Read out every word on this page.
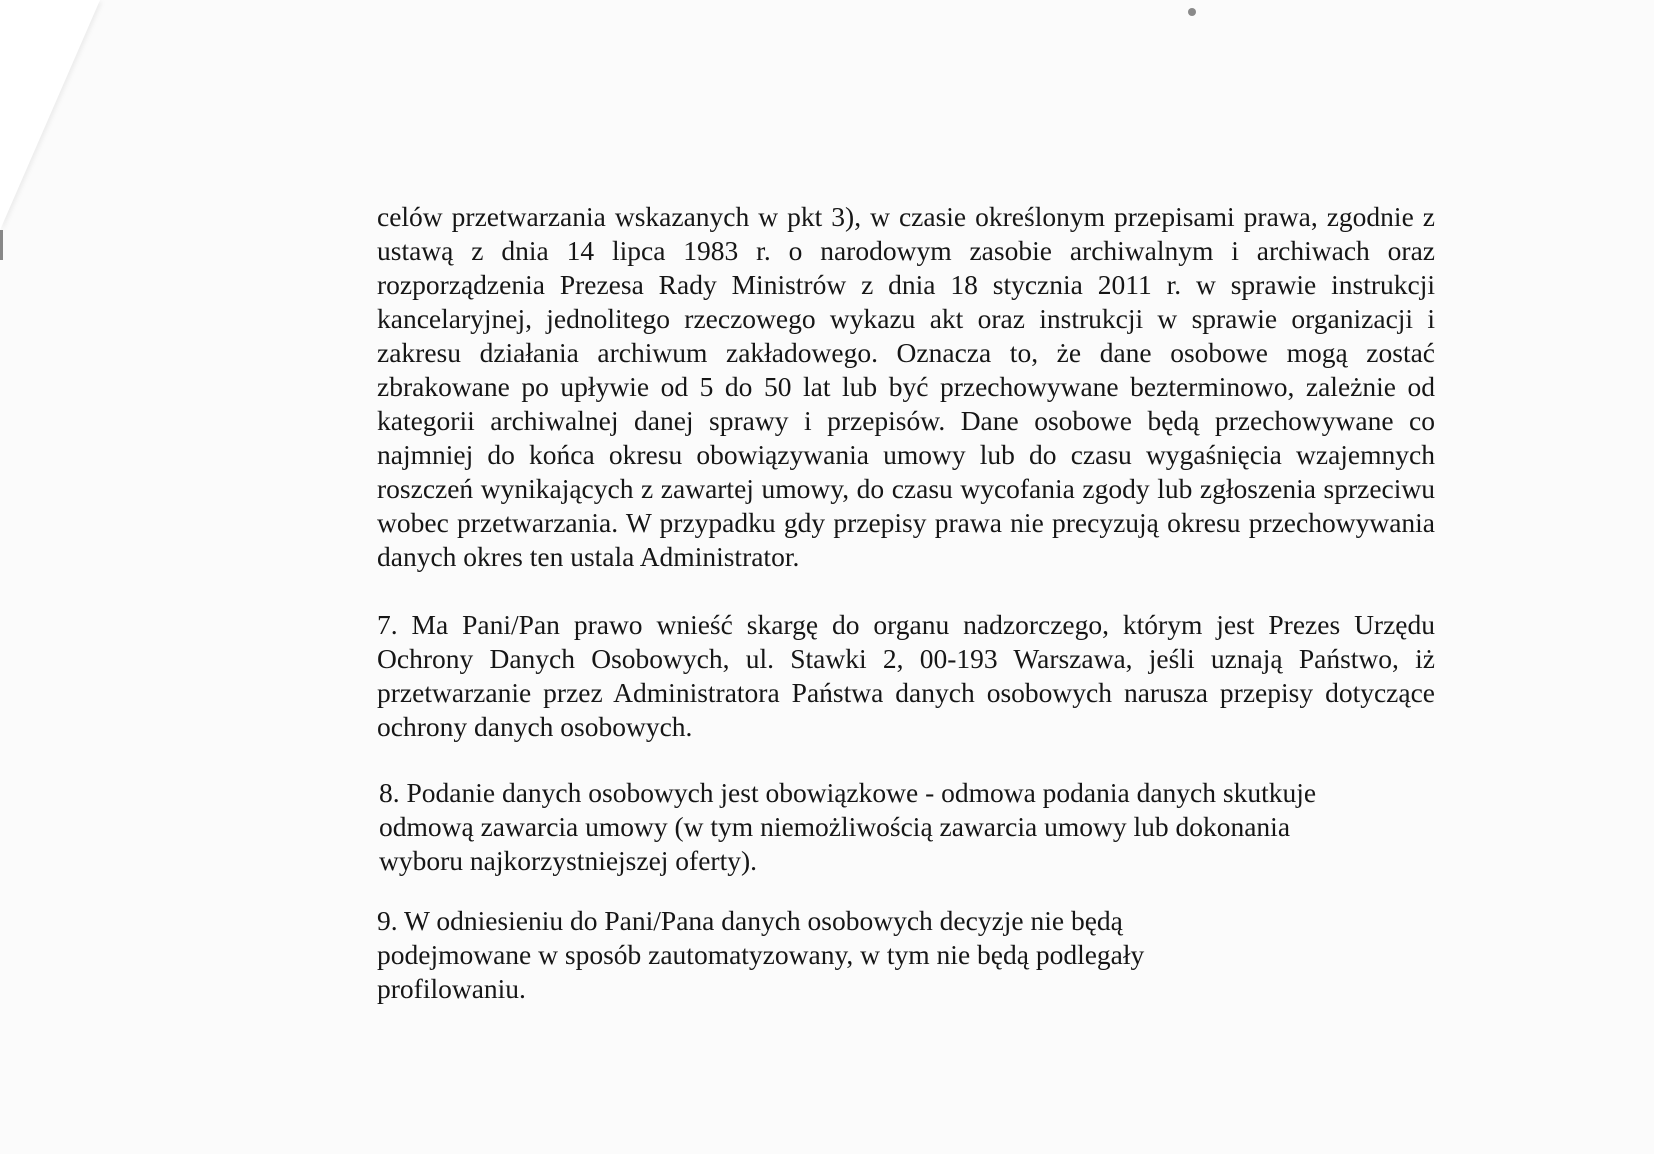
celów przetwarzania wskazanych w pkt 3), w czasie określonym przepisami prawa, zgodnie z ustawą z dnia 14 lipca 1983 r. o narodowym zasobie archiwalnym i archiwach oraz rozporządzenia Prezesa Rady Ministrów z dnia 18 stycznia 2011 r. w sprawie instrukcji kancelaryjnej, jednolitego rzeczowego wykazu akt oraz instrukcji w sprawie organizacji i zakresu działania archiwum zakładowego. Oznacza to, że dane osobowe mogą zostać zbrakowane po upływie od 5 do 50 lat lub być przechowywane bezterminowo, zależnie od kategorii archiwalnej danej sprawy i przepisów. Dane osobowe będą przechowywane co najmniej do końca okresu obowiązywania umowy lub do czasu wygaśnięcia wzajemnych roszczeń wynikających z zawartej umowy, do czasu wycofania zgody lub zgłoszenia sprzeciwu wobec przetwarzania. W przypadku gdy przepisy prawa nie precyzują okresu przechowywania danych okres ten ustala Administrator.

7. Ma Pani/Pan prawo wnieść skargę do organu nadzorczego, którym jest Prezes Urzędu Ochrony Danych Osobowych, ul. Stawki 2, 00-193 Warszawa, jeśli uznają Państwo, iż przetwarzanie przez Administratora Państwa danych osobowych narusza przepisy dotyczące ochrony danych osobowych.

8. Podanie danych osobowych jest obowiązkowe - odmowa podania danych skutkuje odmową zawarcia umowy (w tym niemożliwością zawarcia umowy lub dokonania wyboru najkorzystniejszej oferty).

9. W odniesieniu do Pani/Pana danych osobowych decyzje nie będą podejmowane w sposób zautomatyzowany, w tym nie będą podlegały profilowaniu.
